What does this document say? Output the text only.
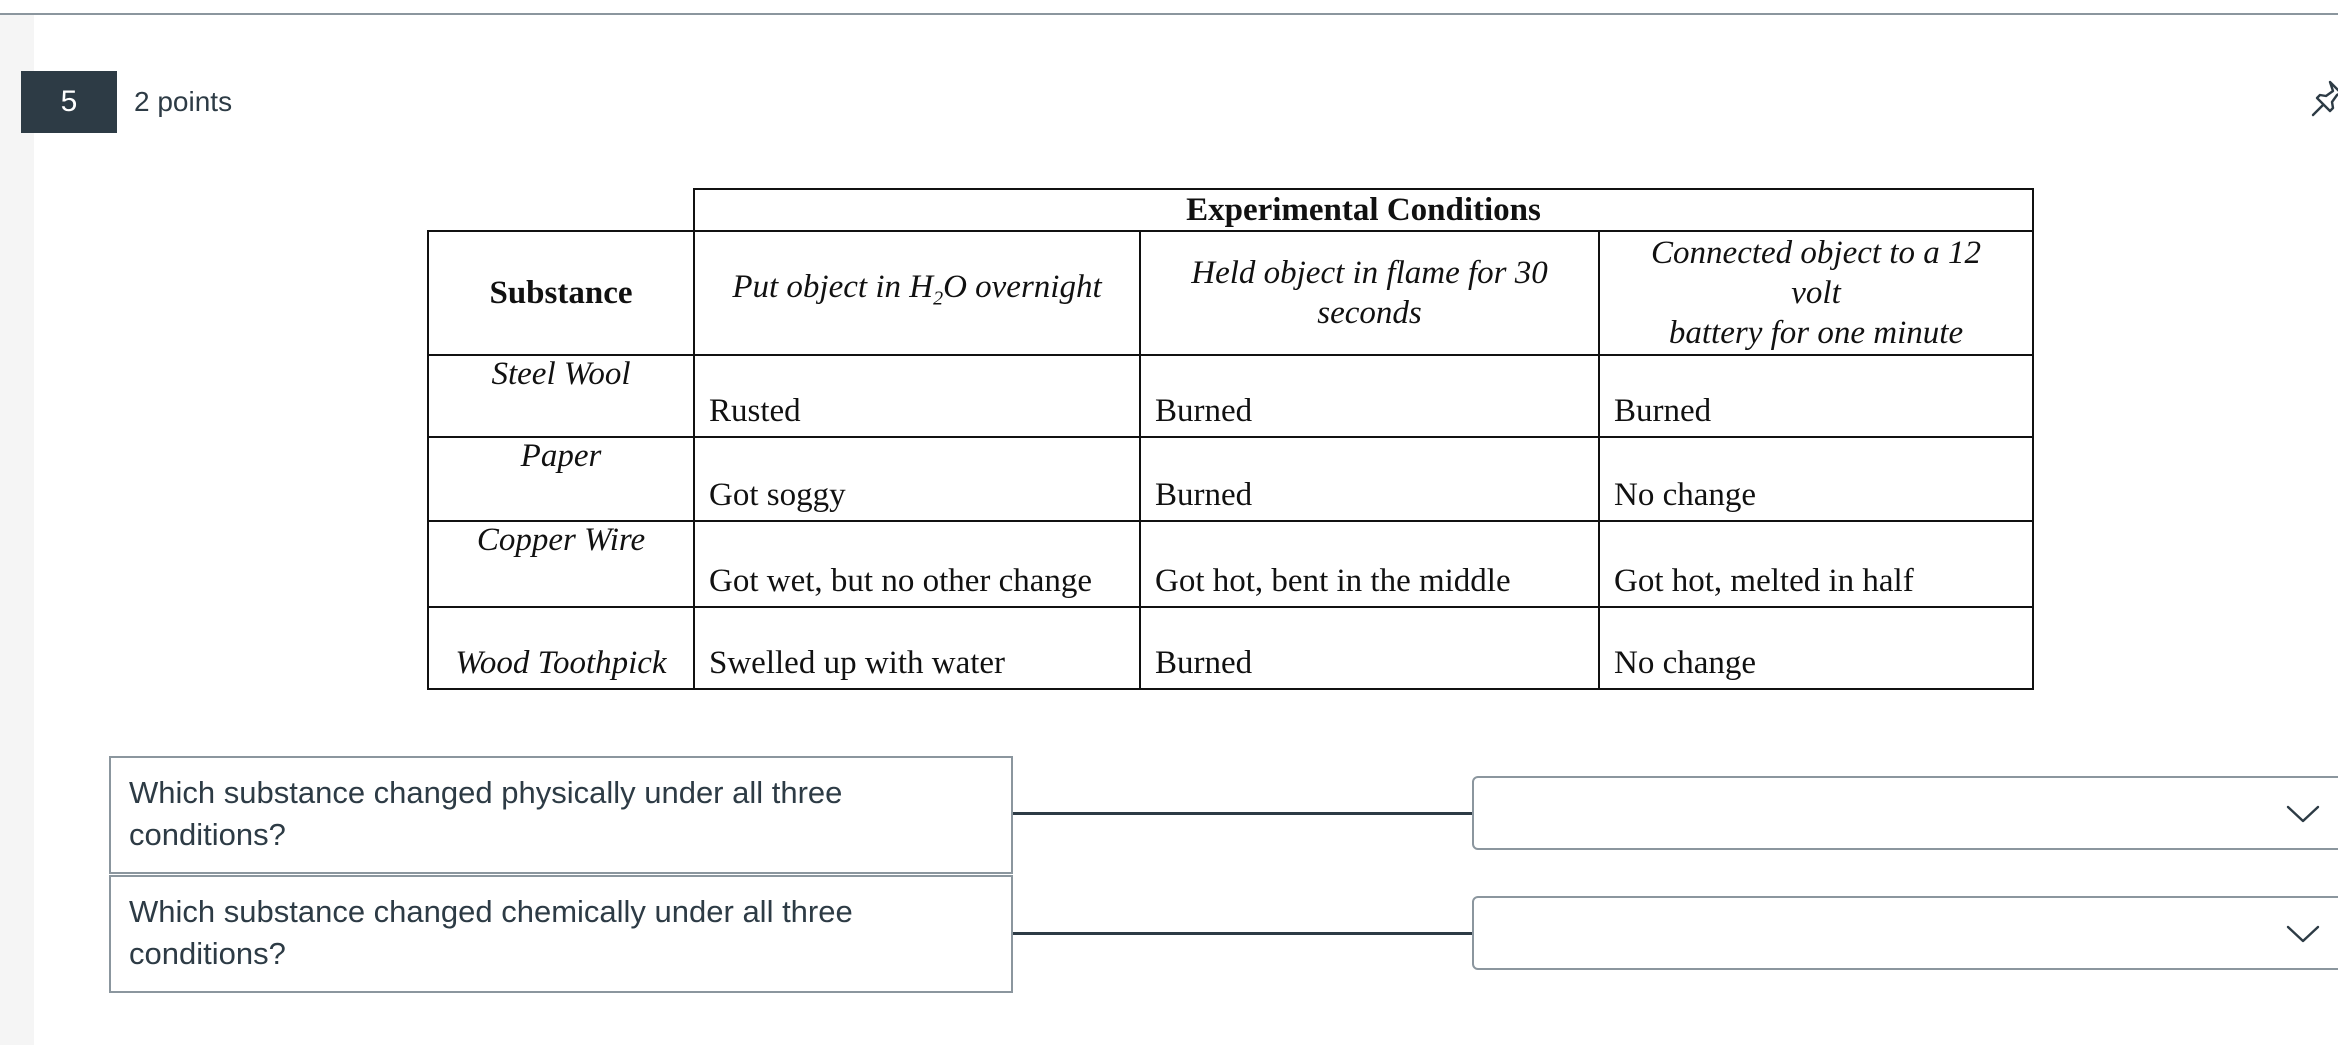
5	2 points
	Experimental Conditions		
Substance	Put object in $H_2O$ overnight	Held object in flame for 30 seconds	Connected object to a 12 volt
battery for one minute

Steel Wool	Rusted	Burned	Burned
Paper	Got soggy	Burned	No change
Copper Wire	Got wet, but no other change	Got hot, bent in the middle	Got hot, melted in half
Wood Toothpick	Swelled up with water	Burned	No change
Which substance changed physically under all three conditions?
Which substance changed chemically under all three conditions?
